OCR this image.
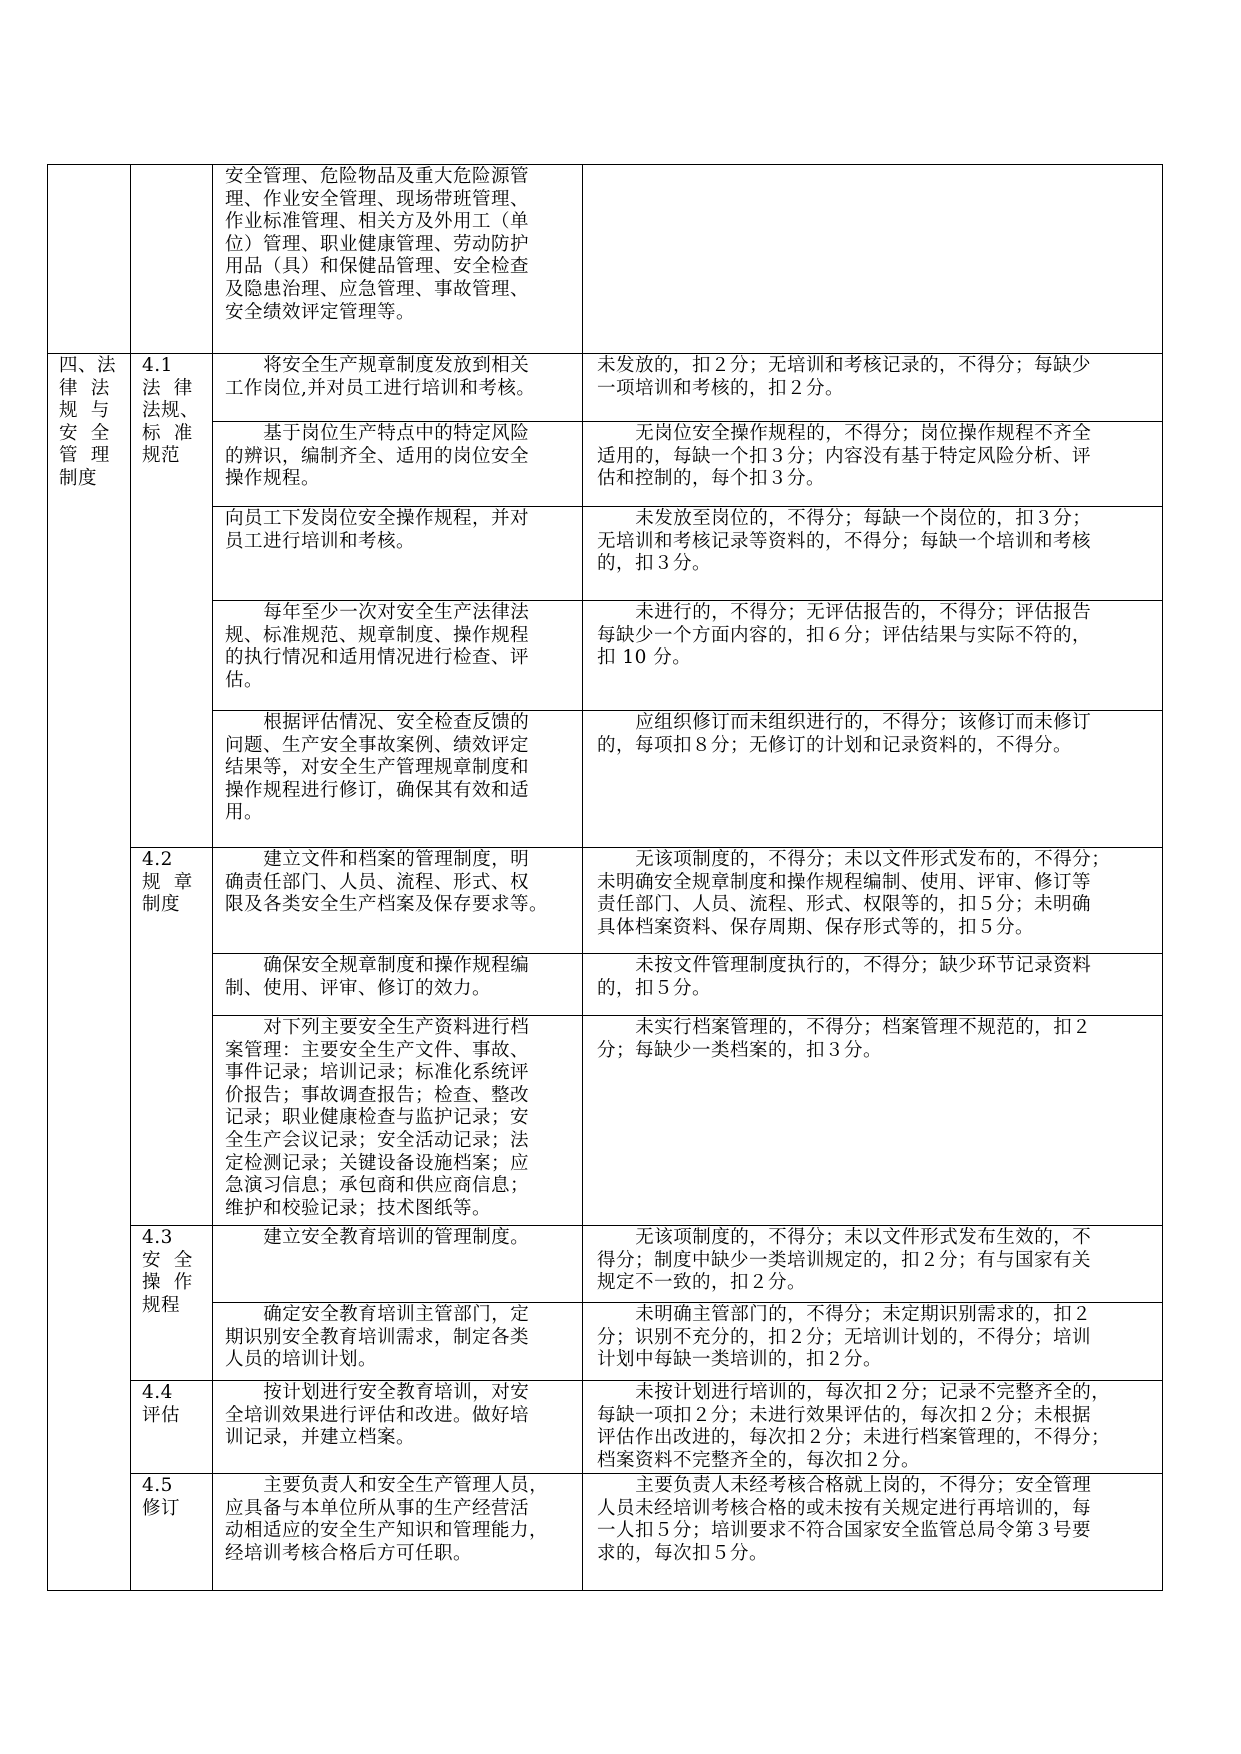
四、法
律  法
规  与
安  全
管  理
制度
4.1
法  律
法规、
标  准
规范
4.2
规  章
制度
4.3
安  全
操  作
规程
4.4
评估
4.5
修订
安全管理、危险物品及重大危险源管
理、作业安全管理、现场带班管理、
作业标准管理、相关方及外用工（单
位）管理、职业健康管理、劳动防护
用品（具）和保健品管理、安全检查
及隐患治理、应急管理、事故管理、
安全绩效评定管理等。
将安全生产规章制度发放到相关
工作岗位,并对员工进行培训和考核。
基于岗位生产特点中的特定风险
的辨识，编制齐全、适用的岗位安全
操作规程。
向员工下发岗位安全操作规程，并对
员工进行培训和考核。
每年至少一次对安全生产法律法
规、标准规范、规章制度、操作规程
的执行情况和适用情况进行检查、评
估。
根据评估情况、安全检查反馈的
问题、生产安全事故案例、绩效评定
结果等，对安全生产管理规章制度和
操作规程进行修订，确保其有效和适
用。
建立文件和档案的管理制度，明
确责任部门、人员、流程、形式、权
限及各类安全生产档案及保存要求等。
确保安全规章制度和操作规程编
制、使用、评审、修订的效力。
对下列主要安全生产资料进行档
案管理：主要安全生产文件、事故、
事件记录；培训记录；标准化系统评
价报告；事故调查报告；检查、整改
记录；职业健康检查与监护记录；安
全生产会议记录；安全活动记录；法
定检测记录；关键设备设施档案；应
急演习信息；承包商和供应商信息；
维护和校验记录；技术图纸等。
建立安全教育培训的管理制度。
确定安全教育培训主管部门，定
期识别安全教育培训需求，制定各类
人员的培训计划。
按计划进行安全教育培训，对安
全培训效果进行评估和改进。做好培
训记录，并建立档案。
主要负责人和安全生产管理人员，
应具备与本单位所从事的生产经营活
动相适应的安全生产知识和管理能力，
经培训考核合格后方可任职。
未发放的，扣２分；无培训和考核记录的，不得分；每缺少
一项培训和考核的，扣２分。
无岗位安全操作规程的，不得分；岗位操作规程不齐全
适用的，每缺一个扣３分；内容没有基于特定风险分析、评
估和控制的，每个扣３分。
未发放至岗位的，不得分；每缺一个岗位的，扣３分；
无培训和考核记录等资料的，不得分；每缺一个培训和考核
的，扣３分。
未进行的，不得分；无评估报告的，不得分；评估报告
每缺少一个方面内容的，扣６分；评估结果与实际不符的，
扣 10 分。
应组织修订而未组织进行的，不得分；该修订而未修订
的，每项扣８分；无修订的计划和记录资料的，不得分。
无该项制度的，不得分；未以文件形式发布的，不得分；
未明确安全规章制度和操作规程编制、使用、评审、修订等
责任部门、人员、流程、形式、权限等的，扣５分；未明确
具体档案资料、保存周期、保存形式等的，扣５分。
未按文件管理制度执行的，不得分；缺少环节记录资料
的，扣５分。
未实行档案管理的，不得分；档案管理不规范的，扣２
分；每缺少一类档案的，扣３分。
无该项制度的，不得分；未以文件形式发布生效的，不
得分；制度中缺少一类培训规定的，扣２分；有与国家有关
规定不一致的，扣２分。
未明确主管部门的，不得分；未定期识别需求的，扣２
分；识别不充分的，扣２分；无培训计划的，不得分；培训
计划中每缺一类培训的，扣２分。
未按计划进行培训的，每次扣２分；记录不完整齐全的，
每缺一项扣２分；未进行效果评估的，每次扣２分；未根据
评估作出改进的，每次扣２分；未进行档案管理的，不得分；
档案资料不完整齐全的，每次扣２分。
主要负责人未经考核合格就上岗的，不得分；安全管理
人员未经培训考核合格的或未按有关规定进行再培训的，每
一人扣５分；培训要求不符合国家安全监管总局令第３号要
求的，每次扣５分。
